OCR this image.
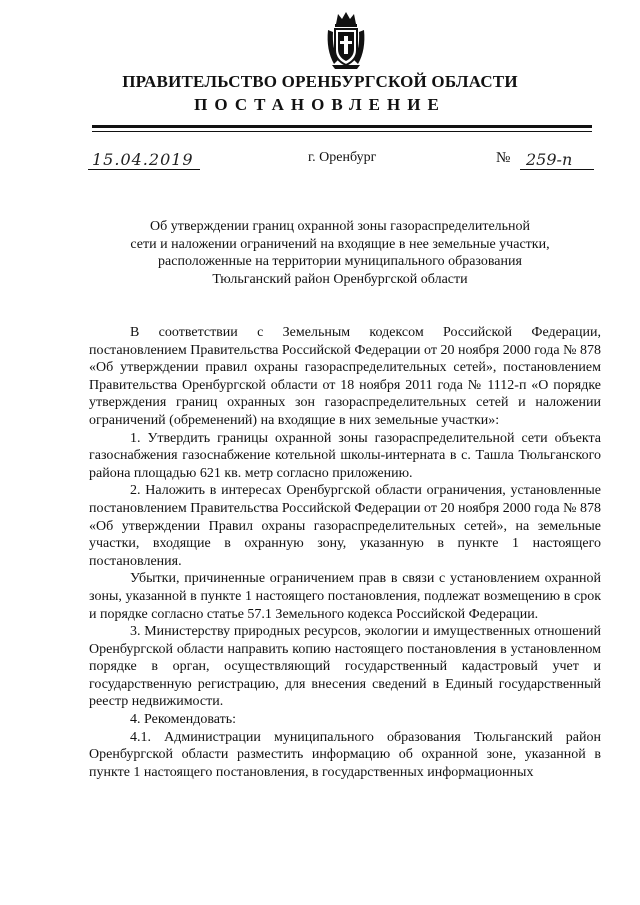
ПРАВИТЕЛЬСТВО ОРЕНБУРГСКОЙ ОБЛАСТИ
ПОСТАНОВЛЕНИЕ
15.04.2019	г. Оренбург	№ 259-п
Об утверждении границ охранной зоны газораспределительной
сети и наложении ограничений на входящие в нее земельные участки,
расположенные на территории муниципального образования
Тюльганский район Оренбургской области

В соответствии с Земельным кодексом Российской Федерации, постановлением Правительства Российской Федерации от 20 ноября 2000 года № 878 «Об утверждении правил охраны газораспределительных сетей», постановлением Правительства Оренбургской области от 18 ноября 2011 года № 1112-п «О порядке утверждения границ охранных зон газораспределительных сетей и наложении ограничений (обременений) на входящие в них земельные участки»:

1. Утвердить границы охранной зоны газораспределительной сети объекта газоснабжения газоснабжение котельной школы-интерната в с. Ташла Тюльганского района площадью 621 кв. метр согласно приложению.

2. Наложить в интересах Оренбургской области ограничения, установленные постановлением Правительства Российской Федерации от 20 ноября 2000 года № 878 «Об утверждении Правил охраны газораспределительных сетей», на земельные участки, входящие в охранную зону, указанную в пункте 1 настоящего постановления.

Убытки, причиненные ограничением прав в связи с установлением охранной зоны, указанной в пункте 1 настоящего постановления, подлежат возмещению в срок и порядке согласно статье 57.1 Земельного кодекса Российской Федерации.

3. Министерству природных ресурсов, экологии и имущественных отношений Оренбургской области направить копию настоящего постановления в установленном порядке в орган, осуществляющий государственный кадастровый учет и государственную регистрацию, для внесения сведений в Единый государственный реестр недвижимости.

4. Рекомендовать:

4.1. Администрации муниципального образования Тюльганский район Оренбургской области разместить информацию об охранной зоне, указанной в пункте 1 настоящего постановления, в государственных информационных
